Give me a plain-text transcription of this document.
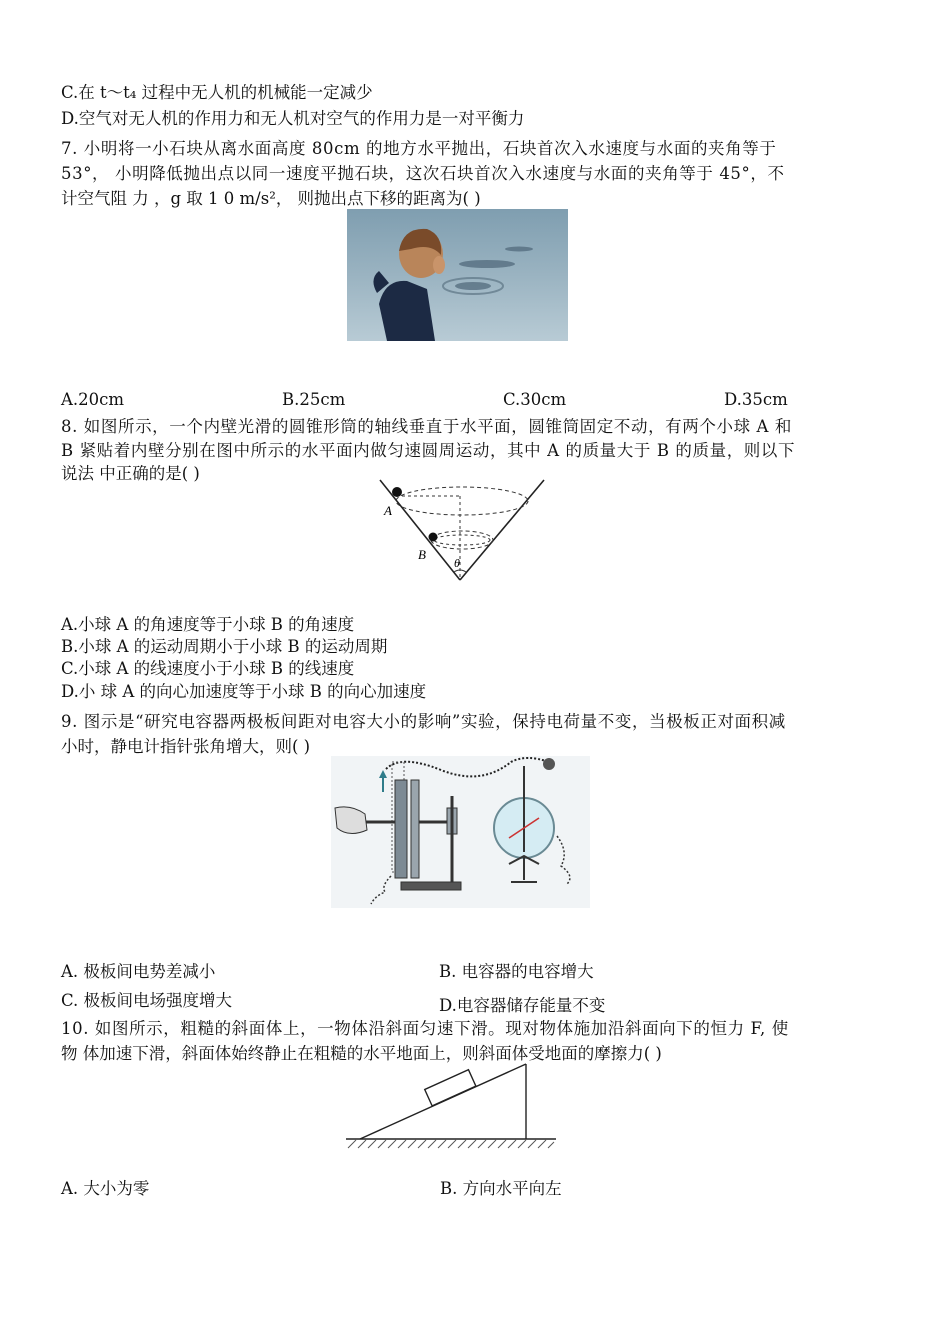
C.在 t～t₄ 过程中无人机的机械能一定减少
D.空气对无人机的作用力和无人机对空气的作用力是一对平衡力
7. 小明将一小石块从离水面高度 80cm 的地方水平抛出，石块首次入水速度与水面的夹角等于
53°， 小明降低抛出点以同一速度平抛石块，这次石块首次入水速度与水面的夹角等于 45°，不
计空气阻 力 ，g 取 1 0 m/s²， 则抛出点下移的距离为( )
A.20cm	B.25cm	C.30cm	D.35cm
8. 如图所示，一个内壁光滑的圆锥形筒的轴线垂直于水平面，圆锥筒固定不动，有两个小球 A 和
B 紧贴着内壁分别在图中所示的水平面内做匀速圆周运动，其中 A 的质量大于 B 的质量，则以下
说法 中正确的是( )
A
B
θ
A.小球 A 的角速度等于小球 B 的角速度
B.小球 A 的运动周期小于小球 B 的运动周期
C.小球 A 的线速度小于小球 B 的线速度
D.小 球 A 的向心加速度等于小球 B 的向心加速度
9. 图示是“研究电容器两极板间距对电容大小的影响”实验，保持电荷量不变，当极板正对面积减
小时，静电计指针张角增大，则( )
A. 极板间电势差减小	B. 电容器的电容增大
C. 极板间电场强度增大	D.电容器储存能量不变
10. 如图所示，粗糙的斜面体上，一物体沿斜面匀速下滑。现对物体施加沿斜面向下的恒力 F, 使
物 体加速下滑，斜面体始终静止在粗糙的水平地面上，则斜面体受地面的摩擦力( )
A. 大小为零	B. 方向水平向左
